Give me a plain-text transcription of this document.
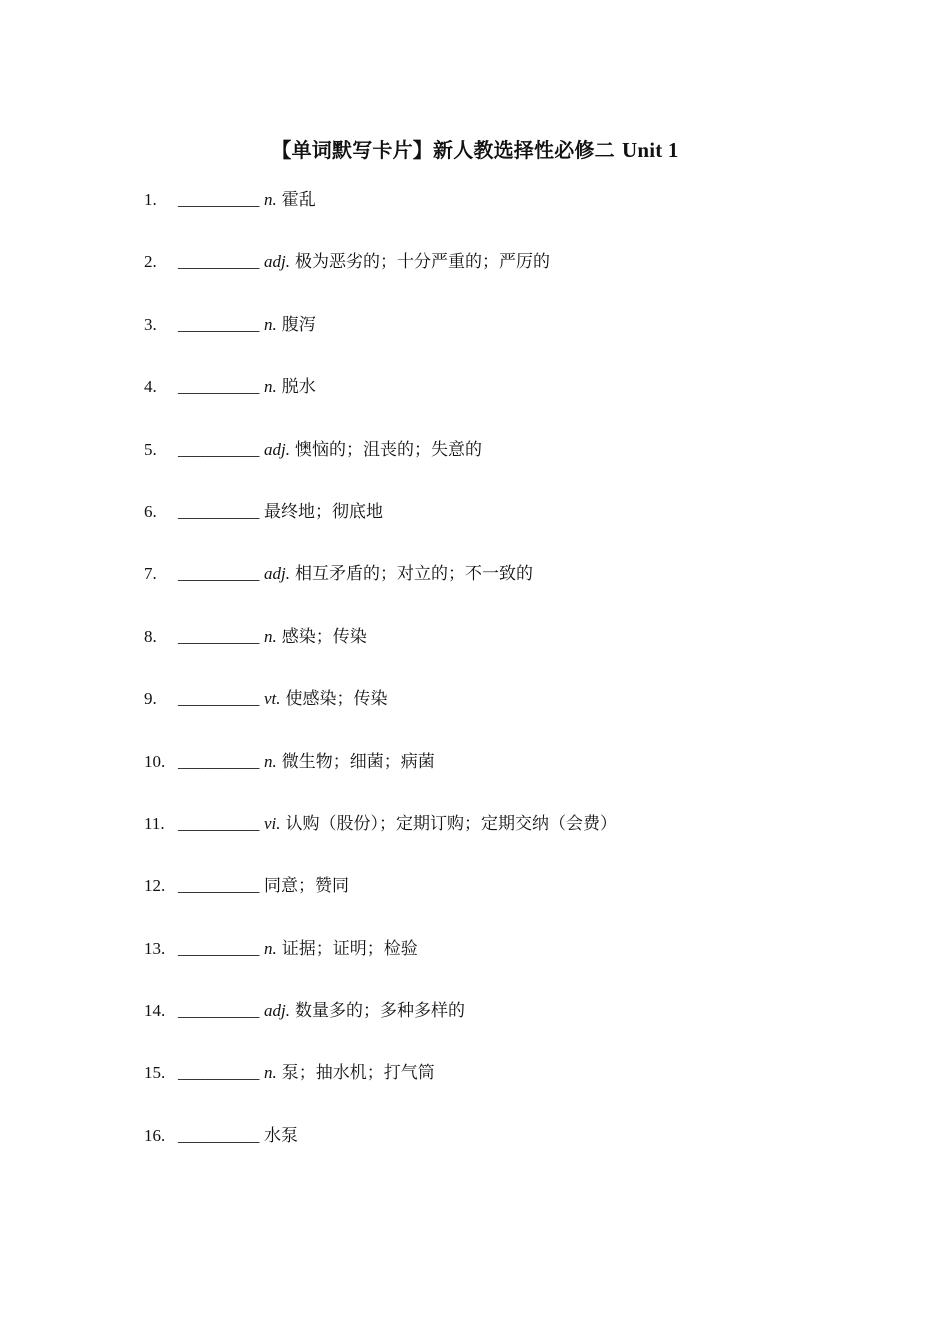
【单词默写卡片】新人教选择性必修二 Unit 1
1.	__________ n. 霍乱
2.	__________ adj. 极为恶劣的；十分严重的；严厉的
3.	__________ n. 腹泻
4.	__________ n. 脱水
5.	__________ adj. 懊恼的；沮丧的；失意的
6.	__________ 最终地；彻底地
7.	__________ adj. 相互矛盾的；对立的；不一致的
8.	__________ n. 感染；传染
9.	__________ vt. 使感染；传染
10. __________ n. 微生物；细菌；病菌
11. __________ vi. 认购（股份）；定期订购；定期交纳（会费）
12. __________ 同意；赞同
13. __________ n. 证据；证明；检验
14. __________ adj. 数量多的；多种多样的
15. __________ n. 泵；抽水机；打气筒
16. __________ 水泵
